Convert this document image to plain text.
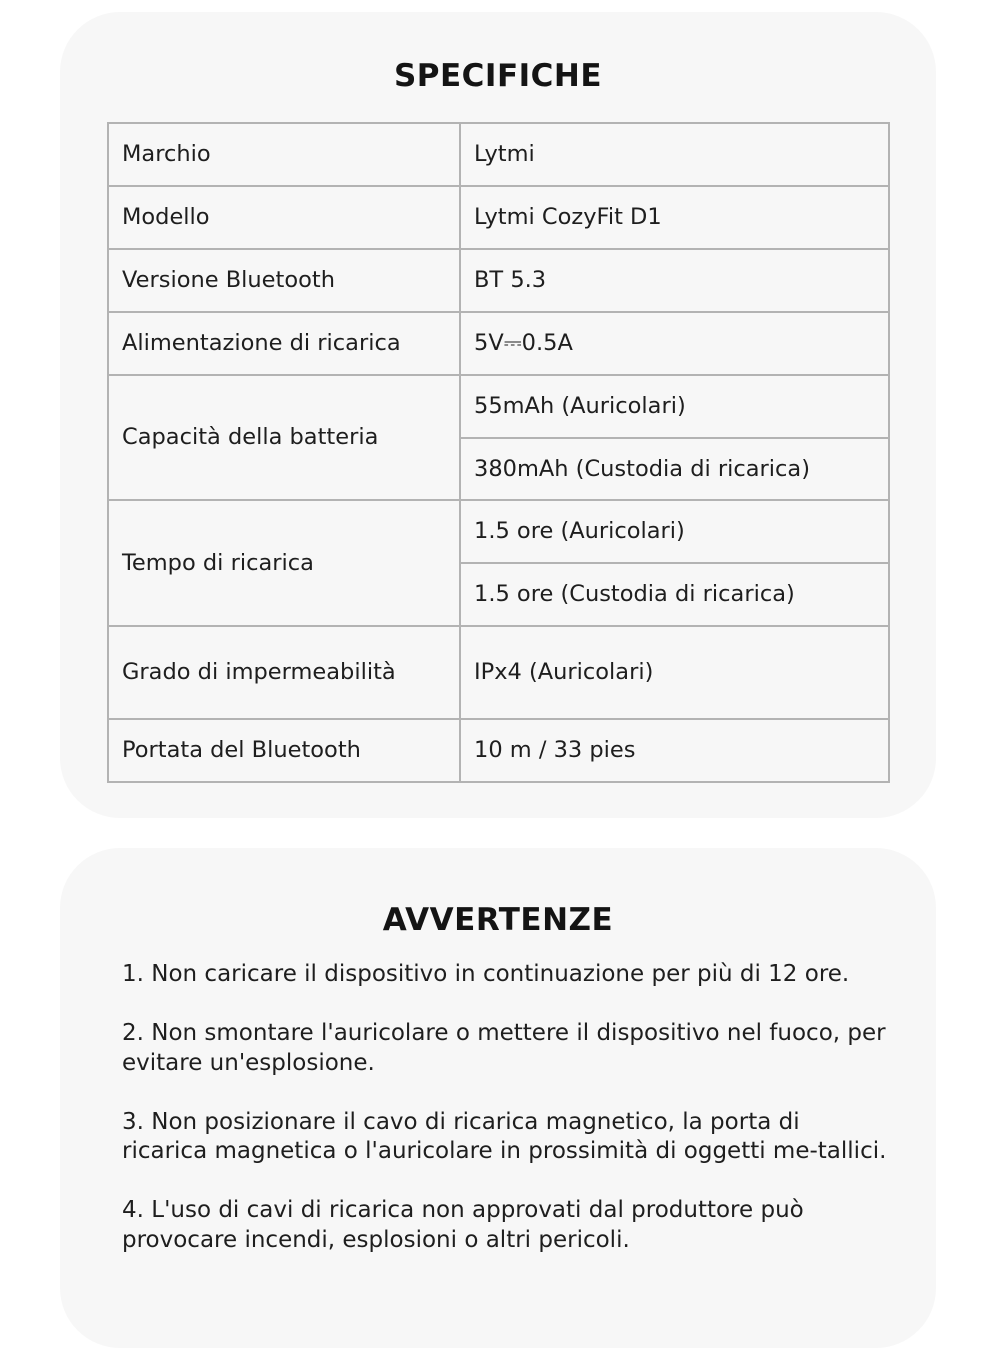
SPECIFICHE
Marchio	Lytmi
Modello	Lytmi CozyFit D1
Versione Bluetooth	BT 5.3
Alimentazione di ricarica	5V⎓0.5A
Capacità della batteria	55mAh (Auricolari)
	380mAh (Custodia di ricarica)
Tempo di ricarica	1.5 ore (Auricolari)
	1.5 ore (Custodia di ricarica)
Grado di impermeabilità	IPx4 (Auricolari)
Portata del Bluetooth	10 m / 33 pies
AVVERTENZE

1. Non caricare il dispositivo in continuazione per più di 12 ore.

2. Non smontare l'auricolare o mettere il dispositivo nel fuoco, per evitare un'esplosione.

3. Non posizionare il cavo di ricarica magnetico, la porta di ricarica magnetica o l'auricolare in prossimità di oggetti me-tallici.

4. L'uso di cavi di ricarica non approvati dal produttore può provocare incendi, esplosioni o altri pericoli.
